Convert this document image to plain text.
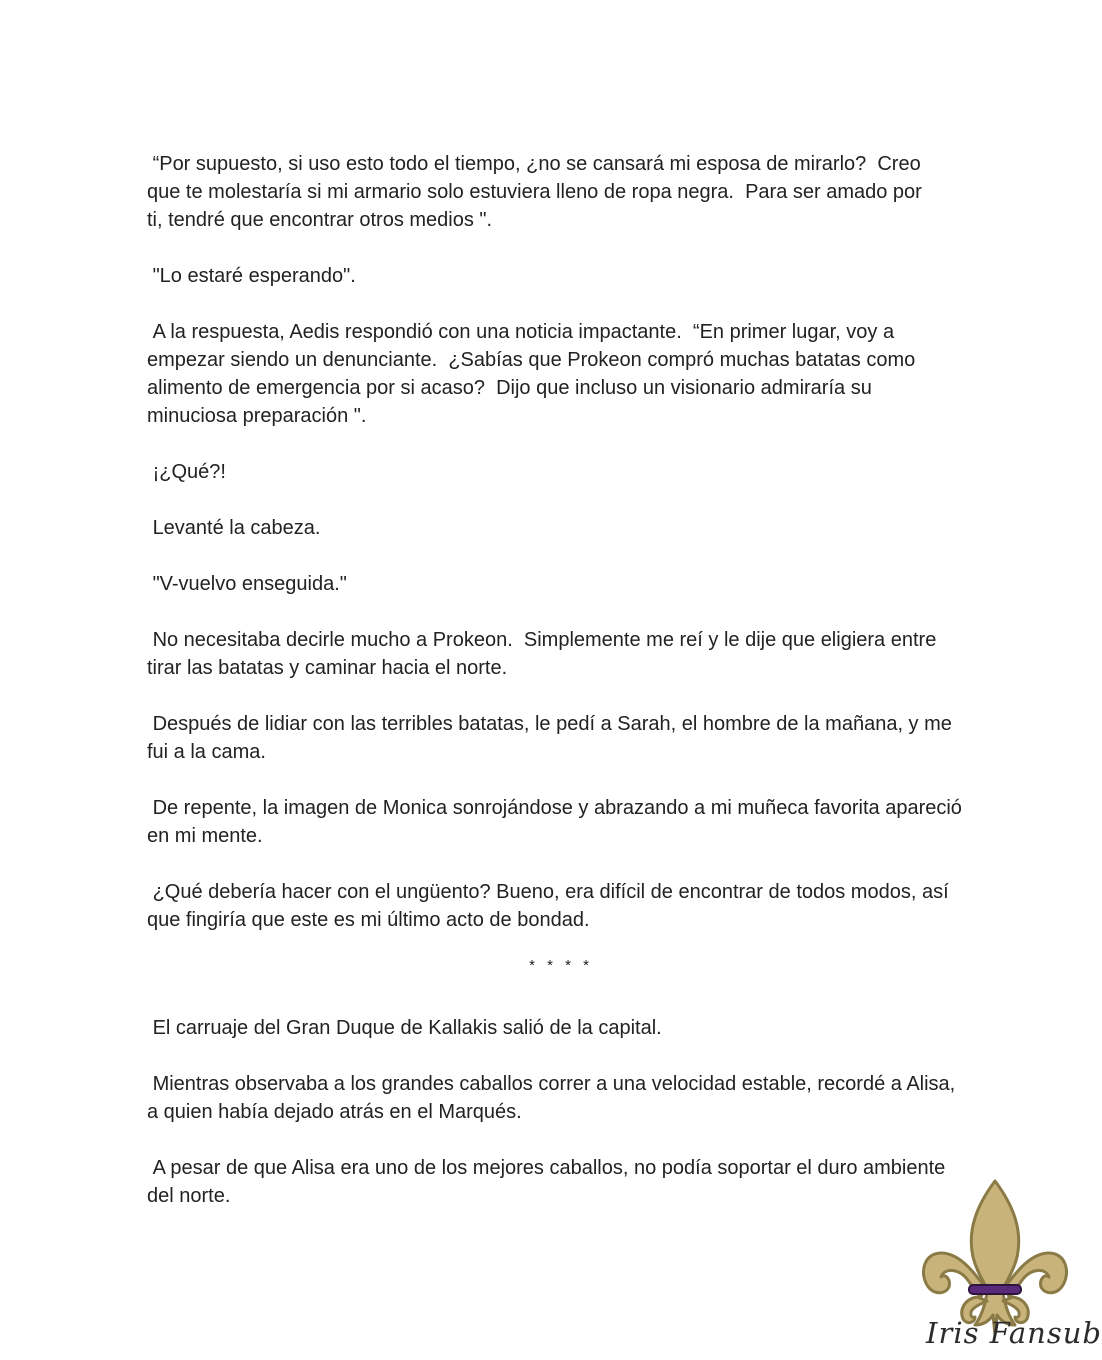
“Por supuesto, si uso esto todo el tiempo, ¿no se cansará mi esposa de mirarlo?  Creo que te molestaría si mi armario solo estuviera lleno de ropa negra.  Para ser amado por ti, tendré que encontrar otros medios ".

"Lo estaré esperando".

A la respuesta, Aedis respondió con una noticia impactante.  “En primer lugar, voy a empezar siendo un denunciante.  ¿Sabías que Prokeon compró muchas batatas como alimento de emergencia por si acaso?  Dijo que incluso un visionario admiraría su minuciosa preparación ".

¡¿Qué?!

Levanté la cabeza.

"V-vuelvo enseguida."

No necesitaba decirle mucho a Prokeon.  Simplemente me reí y le dije que eligiera entre tirar las batatas y caminar hacia el norte.

Después de lidiar con las terribles batatas, le pedí a Sarah, el hombre de la mañana, y me fui a la cama.

De repente, la imagen de Monica sonrojándose y abrazando a mi muñeca favorita apareció en mi mente.

¿Qué debería hacer con el ungüento? Bueno, era difícil de encontrar de todos modos, así que fingiría que este es mi último acto de bondad.

* * * *

El carruaje del Gran Duque de Kallakis salió de la capital.

Mientras observaba a los grandes caballos correr a una velocidad estable, recordé a Alisa, a quien había dejado atrás en el Marqués.

A pesar de que Alisa era uno de los mejores caballos, no podía soportar el duro ambiente del norte.

Iris Fansub
